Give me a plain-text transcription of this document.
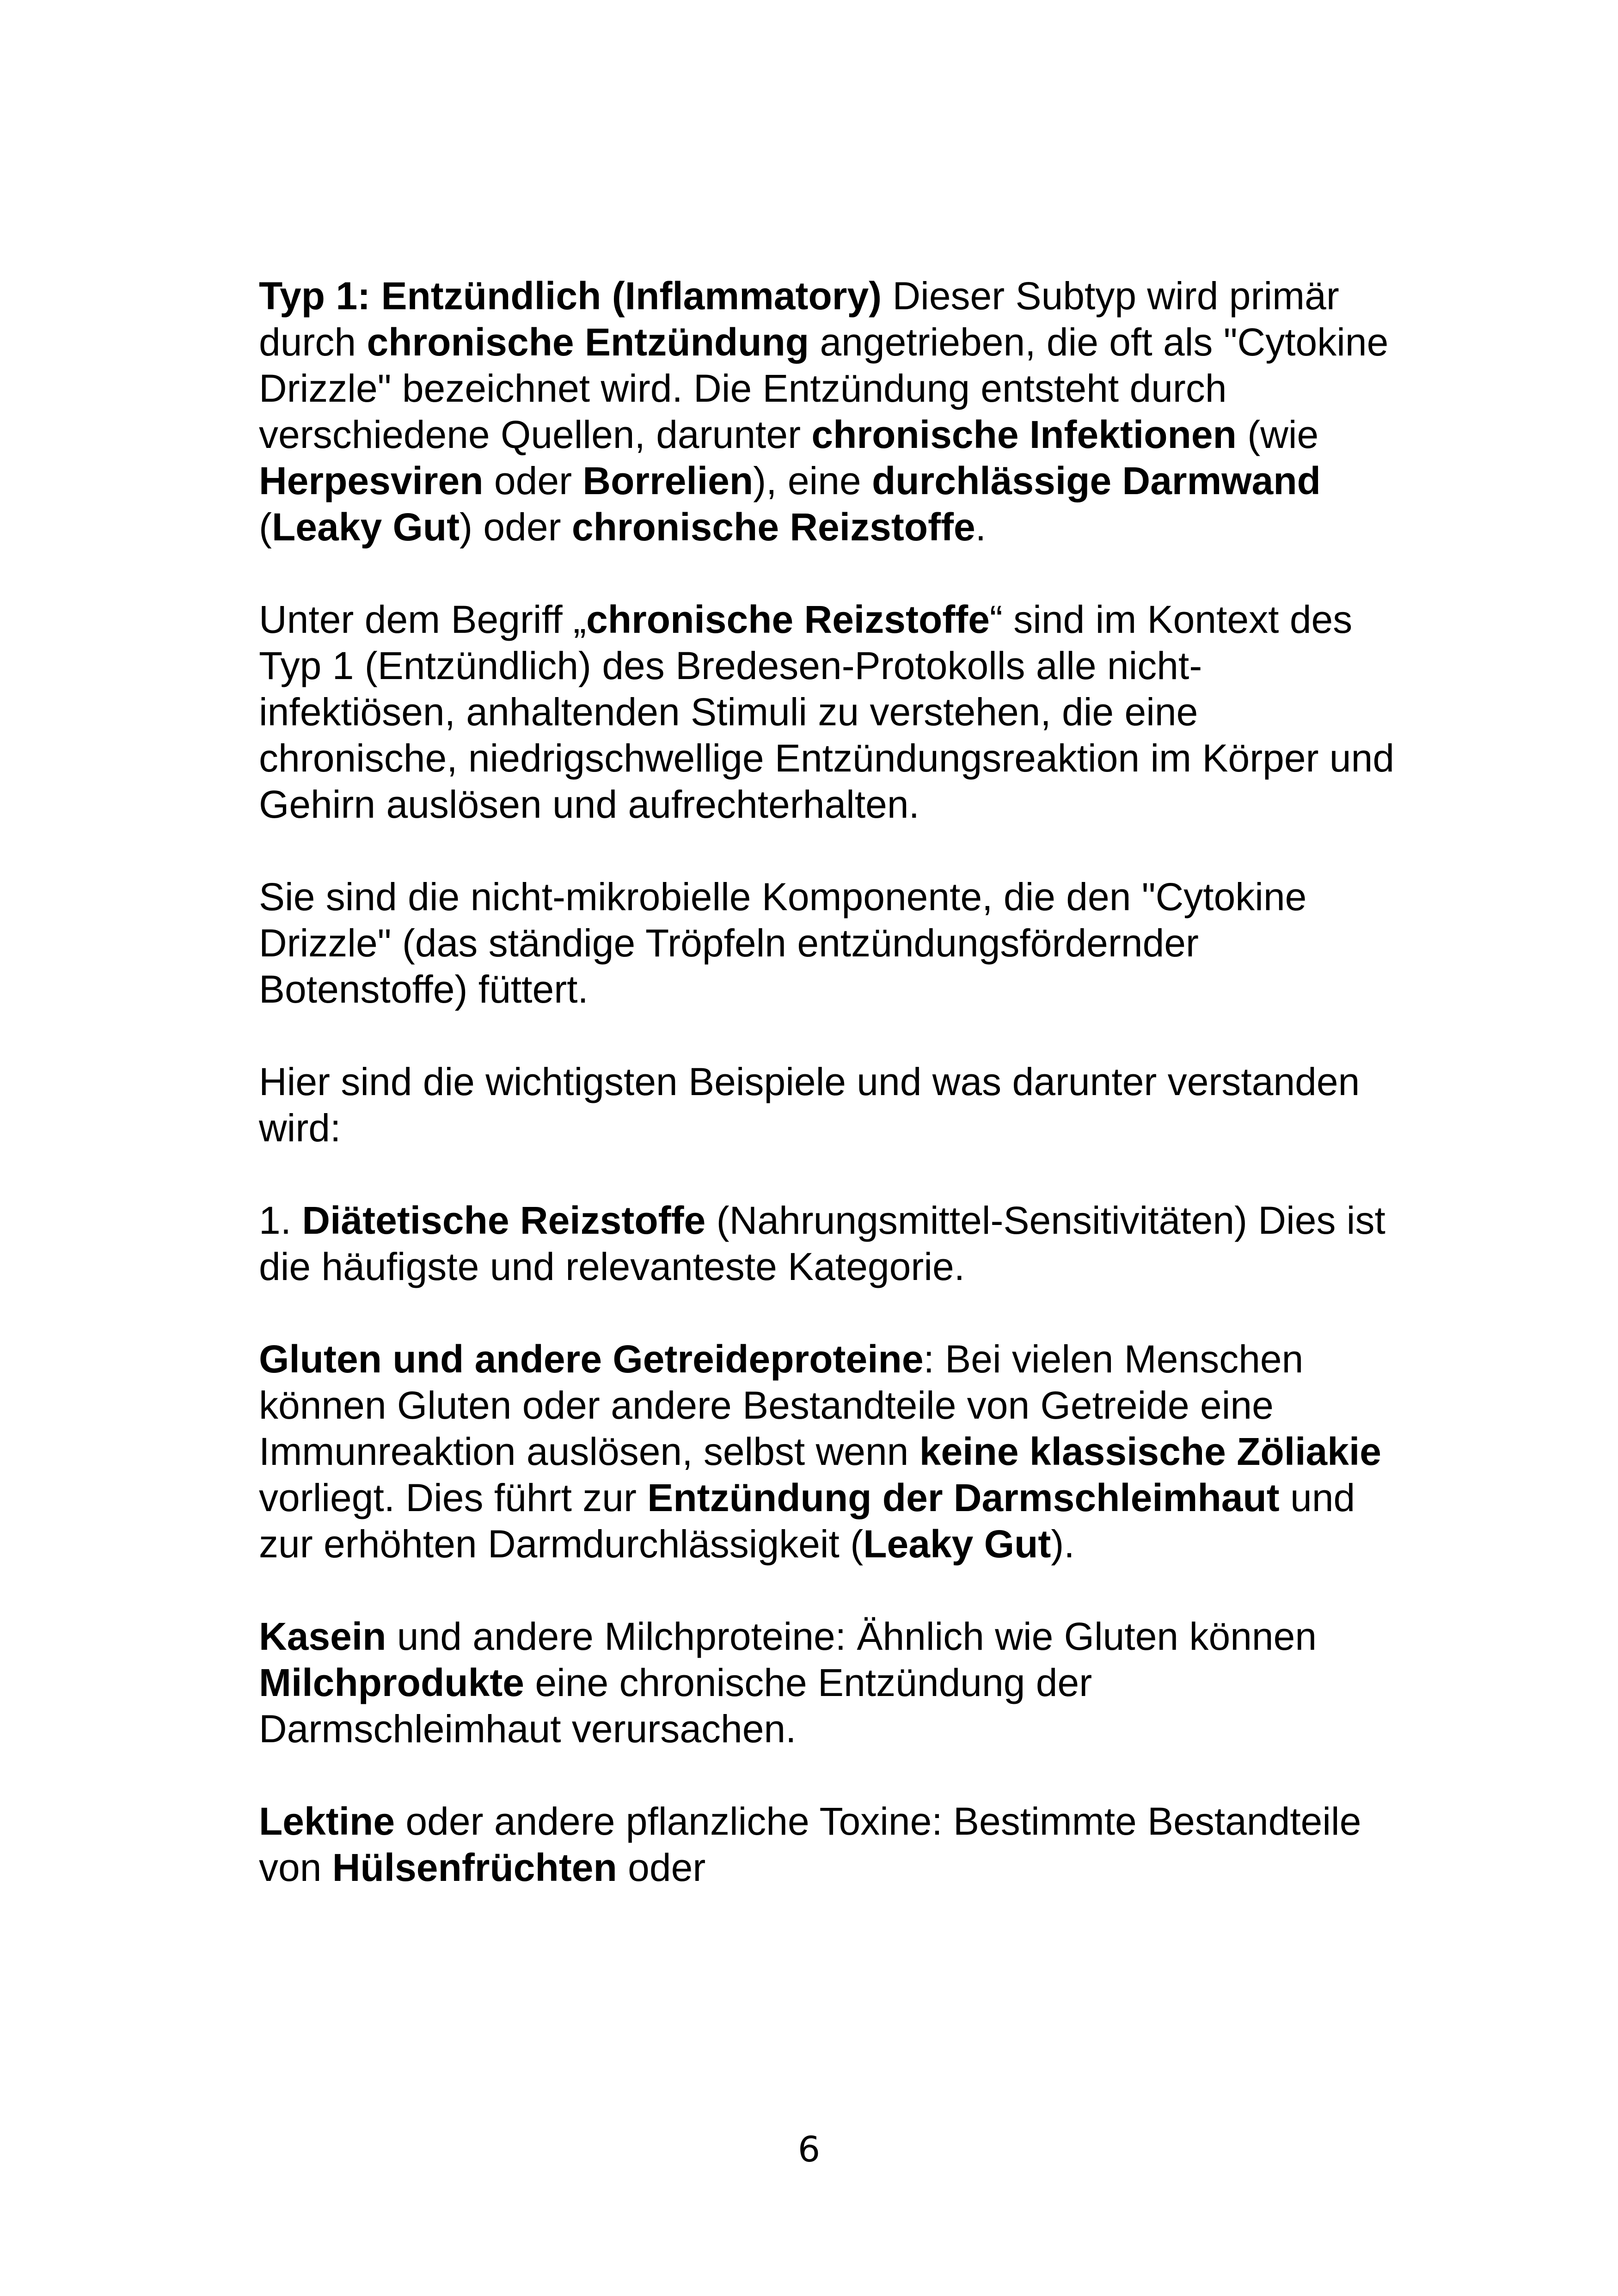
Typ 1: Entzündlich (Inflammatory) Dieser Subtyp wird primär durch chronische Entzündung angetrieben, die oft als "Cytokine Drizzle" bezeichnet wird. Die Entzündung entsteht durch verschiedene Quellen, darunter chronische Infektionen (wie Herpesviren oder Borrelien), eine durchlässige Darmwand (Leaky Gut) oder chronische Reizstoffe.

Unter dem Begriff „chronische Reizstoffe“ sind im Kontext des Typ 1 (Entzündlich) des Bredesen-Protokolls alle nicht-infektiösen, anhaltenden Stimuli zu verstehen, die eine chronische, niedrigschwellige Entzündungsreaktion im Körper und Gehirn auslösen und aufrechterhalten.

Sie sind die nicht-mikrobielle Komponente, die den "Cytokine Drizzle" (das ständige Tröpfeln entzündungsfördernder Botenstoffe) füttert.

Hier sind die wichtigsten Beispiele und was darunter verstanden wird:

1. Diätetische Reizstoffe (Nahrungsmittel-Sensitivitäten) Dies ist die häufigste und relevanteste Kategorie.

Gluten und andere Getreideproteine: Bei vielen Menschen können Gluten oder andere Bestandteile von Getreide eine Immunreaktion auslösen, selbst wenn keine klassische Zöliakie vorliegt. Dies führt zur Entzündung der Darmschleimhaut und zur erhöhten Darmdurchlässigkeit (Leaky Gut).

Kasein und andere Milchproteine: Ähnlich wie Gluten können Milchprodukte eine chronische Entzündung der Darmschleimhaut verursachen.

Lektine oder andere pflanzliche Toxine: Bestimmte Bestandteile von Hülsenfrüchten oder

6
